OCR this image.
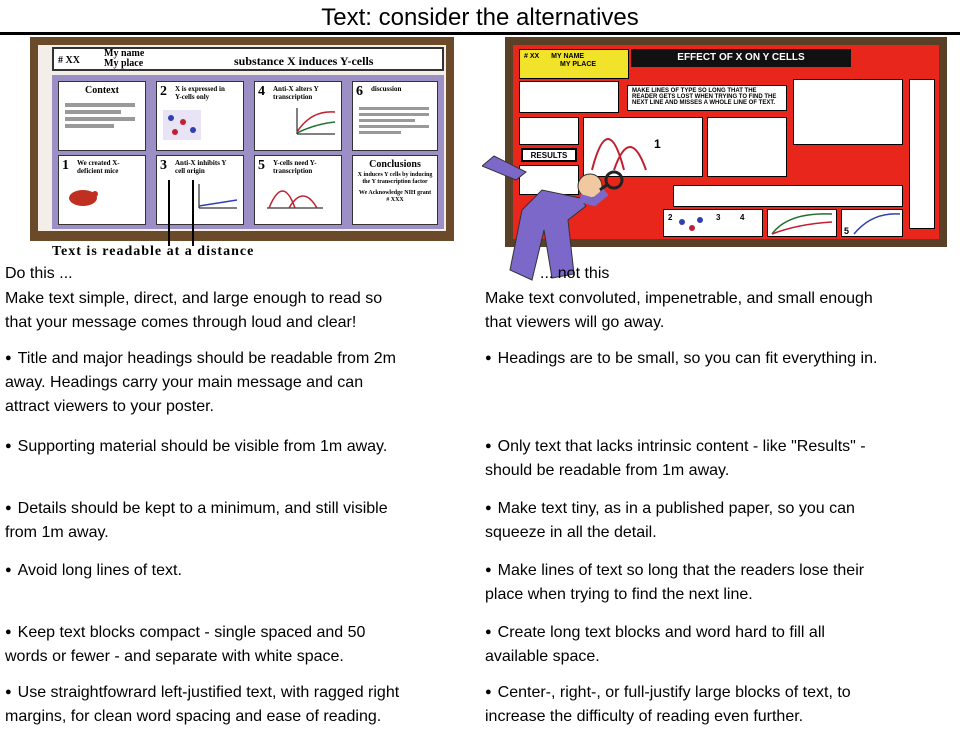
Text: consider the alternatives
# XX
My name
My place	substance X induces Y-cells
Context	2 X is expressed in Y-cells only	4 Anti-X alters Y transcription	6 discussion
1 We created X-deficient mice	3 Anti-X inhibits Y cell origin	5 Y-cells need Y-transcription
Conclusions
X induces Y cells by inducing the Y transcription factor
We Acknowledge NIH grant # XXX
Text is readable at a distance
# XX MY NAME
MY PLACE
EFFECT OF X ON Y CELLS
MAKE LINES OF TYPE SO LONG THAT THE READER GETS LOST WHEN TRYING TO FIND THE NEXT LINE AND MISSES A WHOLE LINE OF TEXT.
1
RESULTS
2	3 4
5
Do this ...	... not this
Make text simple, direct, and large enough to read so
that your message comes through loud and clear!
Make text convoluted, impenetrable, and small enough
that viewers will go away.
● Title and major headings should be readable from 2m
away. Headings carry your main message and can
attract viewers to your poster.
● Headings are to be small, so you can fit everything in.
● Supporting material should be visible from 1m away.	● Only text that lacks intrinsic content - like "Results" -
should be readable from 1m away.
● Details should be kept to a minimum, and still visible
from 1m away.
● Make text tiny, as in a published paper, so you can
squeeze in all the detail.
● Avoid long lines of text.	● Make lines of text so long that the readers lose their
place when trying to find the next line.
● Keep text blocks compact - single spaced and 50
words or fewer - and separate with white space.
● Create long text blocks and word hard to fill all
available space.
● Use straightfowrard left-justified text, with ragged right
margins, for clean word spacing and ease of reading.
● Center-, right-, or full-justify large blocks of text, to
increase the difficulty of reading even further.
